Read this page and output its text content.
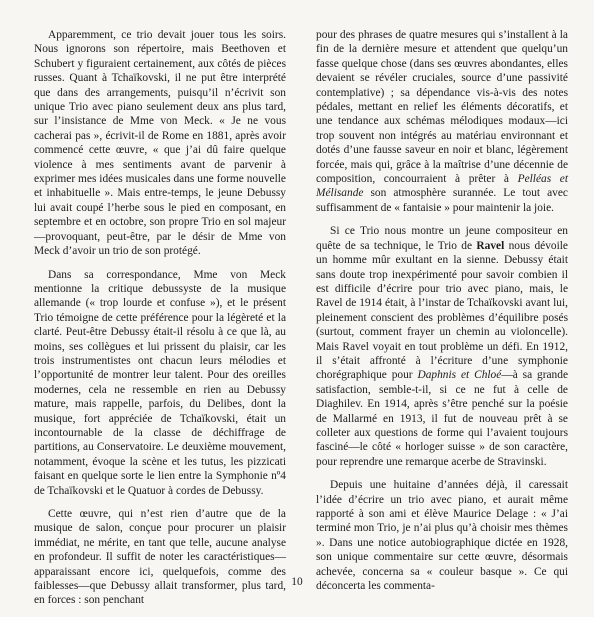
Apparemment, ce trio devait jouer tous les soirs. Nous ignorons son répertoire, mais Beethoven et Schubert y figuraient certainement, aux côtés de pièces russes. Quant à Tchaïkovski, il ne put être interprété que dans des arrangements, puisqu’il n’écrivit son unique Trio avec piano seulement deux ans plus tard, sur l’insistance de Mme von Meck. « Je ne vous cacherai pas », écrivit-il de Rome en 1881, après avoir commencé cette œuvre, « que j’ai dû faire quelque violence à mes sentiments avant de parvenir à exprimer mes idées musicales dans une forme nouvelle et inhabituelle ». Mais entre-temps, le jeune Debussy lui avait coupé l’herbe sous le pied en composant, en septembre et en octobre, son propre Trio en sol majeur—provoquant, peut-être, par le désir de Mme von Meck d’avoir un trio de son protégé.

Dans sa correspondance, Mme von Meck mentionne la critique debussyste de la musique allemande (« trop lourde et confuse »), et le présent Trio témoigne de cette préférence pour la légèreté et la clarté. Peut-être Debussy était-il résolu à ce que là, au moins, ses collègues et lui prissent du plaisir, car les trois instrumentistes ont chacun leurs mélodies et l’opportunité de montrer leur talent. Pour des oreilles modernes, cela ne ressemble en rien au Debussy mature, mais rappelle, parfois, du Delibes, dont la musique, fort appréciée de Tchaïkovski, était un incontournable de la classe de déchiffrage de partitions, au Conservatoire. Le deuxième mouvement, notamment, évoque la scène et les tutus, les pizzicati faisant en quelque sorte le lien entre la Symphonie nº4 de Tchaïkovski et le Quatuor à cordes de Debussy.

Cette œuvre, qui n’est rien d’autre que de la musique de salon, conçue pour procurer un plaisir immédiat, ne mérite, en tant que telle, aucune analyse en profondeur. Il suffit de noter les caractéristiques—apparaissant encore ici, quelquefois, comme des faiblesses—que Debussy allait transformer, plus tard, en forces : son penchant

pour des phrases de quatre mesures qui s’installent à la fin de la dernière mesure et attendent que quelqu’un fasse quelque chose (dans ses œuvres abondantes, elles devaient se révéler cruciales, source d’une passivité contemplative) ; sa dépendance vis-à-vis des notes pédales, mettant en relief les éléments décoratifs, et une tendance aux schémas mélodiques modaux—ici trop souvent non intégrés au matériau environnant et dotés d’une fausse saveur en noir et blanc, légèrement forcée, mais qui, grâce à la maîtrise d’une décennie de composition, concourraient à prêter à Pelléas et Mélisande son atmosphère surannée. Le tout avec suffisamment de « fantaisie » pour maintenir la joie.

Si ce Trio nous montre un jeune compositeur en quête de sa technique, le Trio de Ravel nous dévoile un homme mûr exultant en la sienne. Debussy était sans doute trop inexpérimenté pour savoir combien il est difficile d’écrire pour trio avec piano, mais, le Ravel de 1914 était, à l’instar de Tchaïkovski avant lui, pleinement conscient des problèmes d’équilibre posés (surtout, comment frayer un chemin au violoncelle). Mais Ravel voyait en tout problème un défi. En 1912, il s’était affronté à l’écriture d’une symphonie chorégraphique pour Daphnis et Chloé—à sa grande satisfaction, semble-t-il, si ce ne fut à celle de Diaghilev. En 1914, après s’être penché sur la poésie de Mallarmé en 1913, il fut de nouveau prêt à se colleter aux questions de forme qui l’avaient toujours fasciné—le côté « horloger suisse » de son caractère, pour reprendre une remarque acerbe de Stravinski.

Depuis une huitaine d’années déjà, il caressait l’idée d’écrire un trio avec piano, et aurait même rapporté à son ami et élève Maurice Delage : « J’ai terminé mon Trio, je n’ai plus qu’à choisir mes thèmes ». Dans une notice autobiographique dictée en 1928, son unique commentaire sur cette œuvre, désormais achevée, concerna sa « couleur basque ». Ce qui déconcerta les commenta-

10
